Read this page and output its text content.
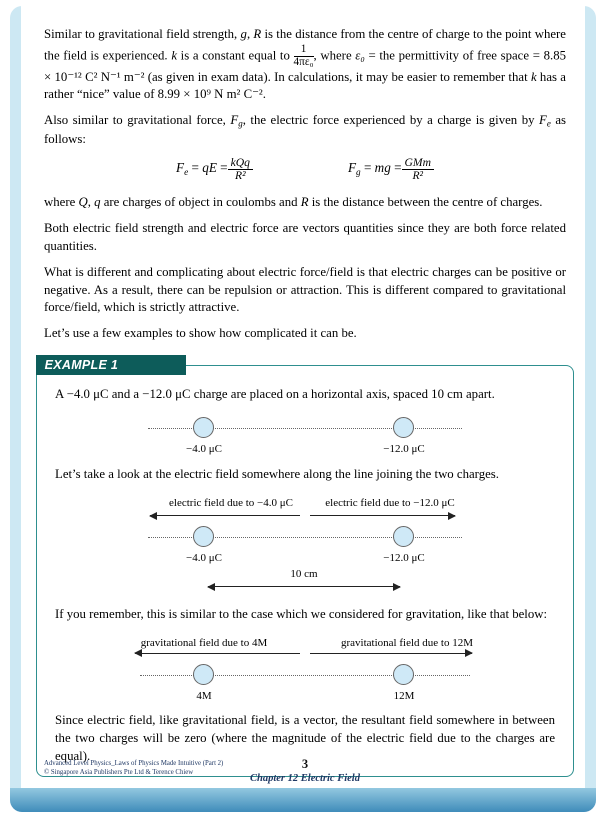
Similar to gravitational field strength, g, R is the distance from the centre of charge to the point where the field is experienced. k is a constant equal to $\frac{1}{\text{4πε₀}}$ , where ε₀ = the permittivity of free space = 8.85 × 10⁻¹² C² N⁻¹ m⁻² (as given in exam data). In calculations, it may be easier to remember that k has a rather “nice” value of 8.99 × 10⁹ N m² C⁻².

Also similar to gravitational force, $F_g$, the electric force experienced by a charge is given by $F_e$ as follows:

$F_e$ = qE = $\frac{\text{kQq}}{\text{R²}}$	$F_g$ = mg = $\frac{\text{GMm}}{\text{R²}}$

where Q, q are charges of object in coulombs and R is the distance between the centre of charges.

Both electric field strength and electric force are vectors quantities since they are both force related quantities.

What is different and complicating about electric force/field is that electric charges can be positive or negative. As a result, there can be repulsion or attraction. This is different compared to gravitational force/field, which is strictly attractive.

Let’s use a few examples to show how complicated it can be.

EXAMPLE 1

A −4.0 μC and a −12.0 μC charge are placed on a horizontal axis, spaced 10 cm apart.

−4.0 μC	−12.0 μC

Let’s take a look at the electric field somewhere along the line joining the two charges.

electric field due to −4.0 μC	electric field due to −12.0 μC
−4.0 μC	−12.0 μC
10 cm

If you remember, this is similar to the case which we considered for gravitation, like that below:

gravitational field due to 4M	gravitational field due to 12M
4M	12M

Since electric field, like gravitational field, is a vector, the resultant field somewhere in between the two charges will be zero (where the magnitude of the electric field due to the charges are equal).

Advanced Level Physics_Laws of Physics Made Intuitive (Part 2)
© Singapore Asia Publishers Pte Ltd & Terence Chiew
3
Chapter 12 Electric Field
